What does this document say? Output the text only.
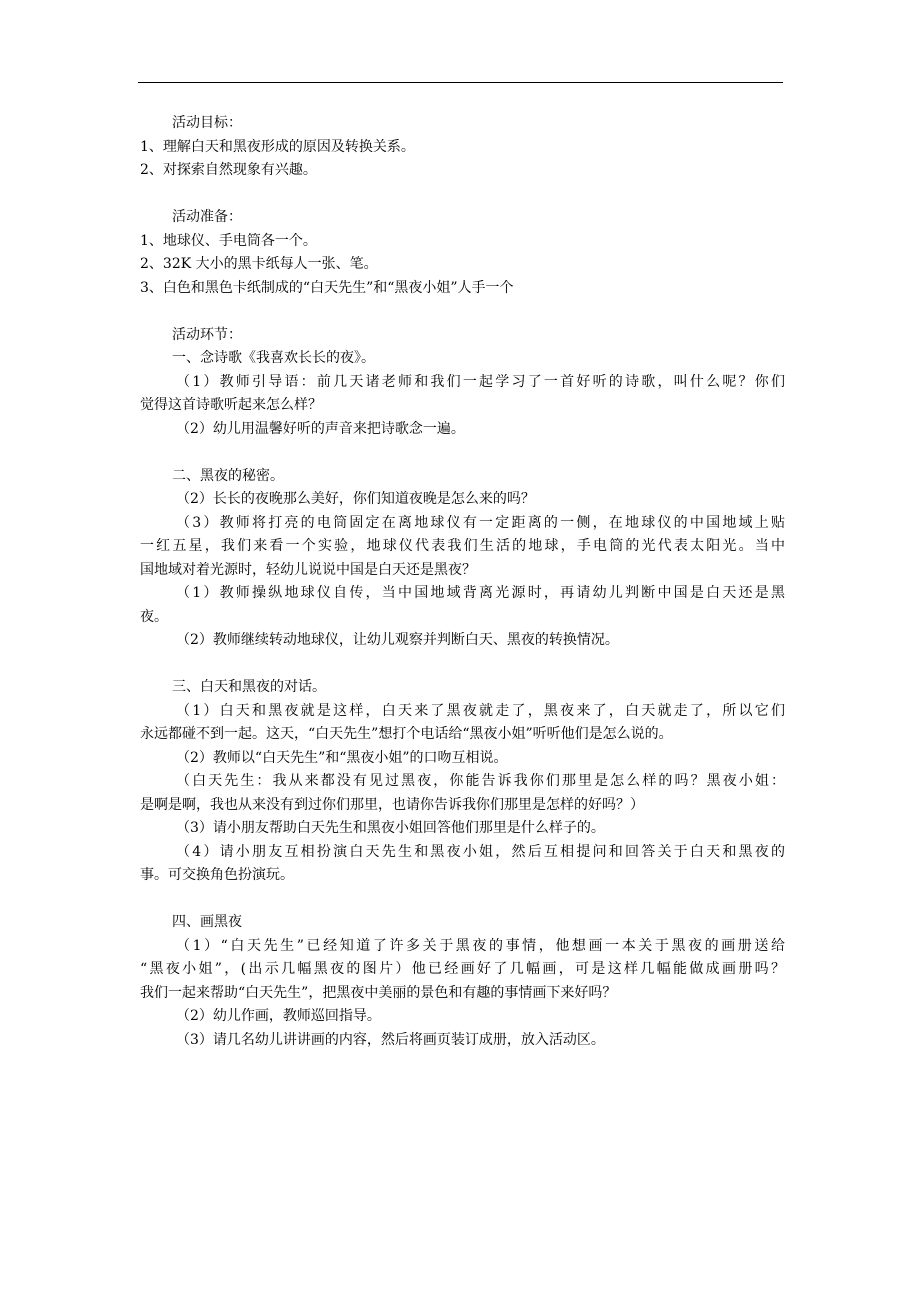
活动目标：
1、理解白天和黑夜形成的原因及转换关系。
2、对探索自然现象有兴趣。
活动准备：
1、地球仪、手电筒各一个。
2、32K 大小的黑卡纸每人一张、笔。
3、白色和黑色卡纸制成的“白天先生”和“黑夜小姐”人手一个
活动环节：
一、念诗歌《我喜欢长长的夜》。
（1）教师引导语：前几天诸老师和我们一起学习了一首好听的诗歌，叫什么呢？你们
觉得这首诗歌听起来怎么样？
（2）幼儿用温馨好听的声音来把诗歌念一遍。
二、黑夜的秘密。
（2）长长的夜晚那么美好，你们知道夜晚是怎么来的吗？
（3）教师将打亮的电筒固定在离地球仪有一定距离的一侧，在地球仪的中国地域上贴
一红五星，我们来看一个实验，地球仪代表我们生活的地球，手电筒的光代表太阳光。当中
国地域对着光源时，轻幼儿说说中国是白天还是黑夜？
（1）教师操纵地球仪自传，当中国地域背离光源时，再请幼儿判断中国是白天还是黑
夜。
（2）教师继续转动地球仪，让幼儿观察并判断白天、黑夜的转换情况。
三、白天和黑夜的对话。
（1）白天和黑夜就是这样，白天来了黑夜就走了，黑夜来了，白天就走了，所以它们
永远都碰不到一起。这天，“白天先生”想打个电话给“黑夜小姐”听听他们是怎么说的。
（2）教师以“白天先生”和“黑夜小姐”的口吻互相说。
（白天先生：我从来都没有见过黑夜，你能告诉我你们那里是怎么样的吗？黑夜小姐：
是啊是啊，我也从来没有到过你们那里，也请你告诉我你们那里是怎样的好吗？）
（3）请小朋友帮助白天先生和黑夜小姐回答他们那里是什么样子的。
（4）请小朋友互相扮演白天先生和黑夜小姐，然后互相提问和回答关于白天和黑夜的
事。可交换角色扮演玩。
四、画黑夜
（1）“白天先生”已经知道了许多关于黑夜的事情，他想画一本关于黑夜的画册送给
“黑夜小姐”，(出示几幅黑夜的图片）他已经画好了几幅画，可是这样几幅能做成画册吗？
我们一起来帮助“白天先生”，把黑夜中美丽的景色和有趣的事情画下来好吗？
（2）幼儿作画，教师巡回指导。
（3）请几名幼儿讲讲画的内容，然后将画页装订成册，放入活动区。
